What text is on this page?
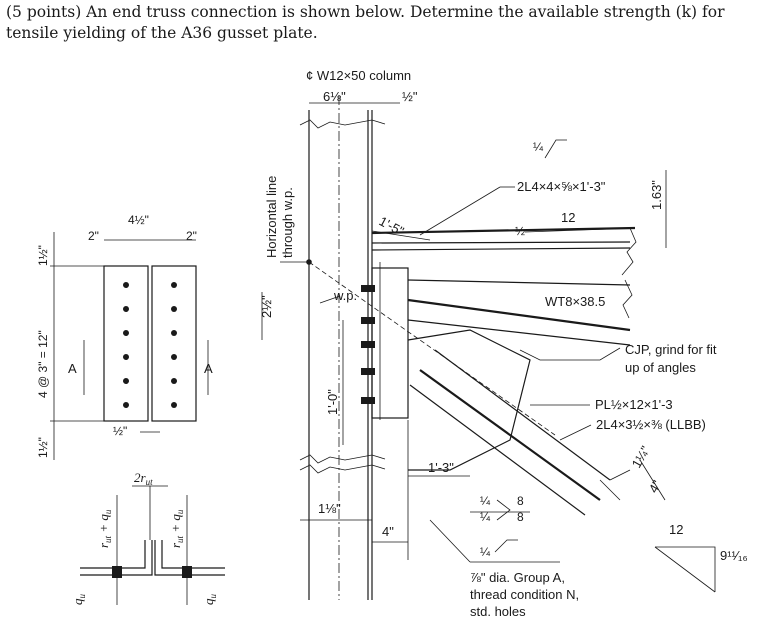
(5 points) An end truss connection is shown below. Determine the available strength (k) for
tensile yielding of the A36 gusset plate.
¢ W12×50 column
6⅛"	½"
Horizontal line through w.p.
2½"	w.p.
1'-5"
1'-0"
1⅛"
4"
1'-3"
¼
2L4×4×⅝×1'-3"
12
½
1.63"
WT8×38.5
CJP, grind for fit
up of angles
PL½×12×1'-3
2L4×3½×⅜ (LLBB)
1¼"
4"
12
9¹¹⁄₁₆
¼
¼
8
8
¼
⅞" dia. Group A,
thread condition N,
std. holes
1½"
4 @ 3" = 12"
1½"
2"
4½"
2"
A	A
½"
$2r_{ut}$
$r_{ut} + q_u$
$r_{ut} + q_u$
$q_u$
$q_u$
